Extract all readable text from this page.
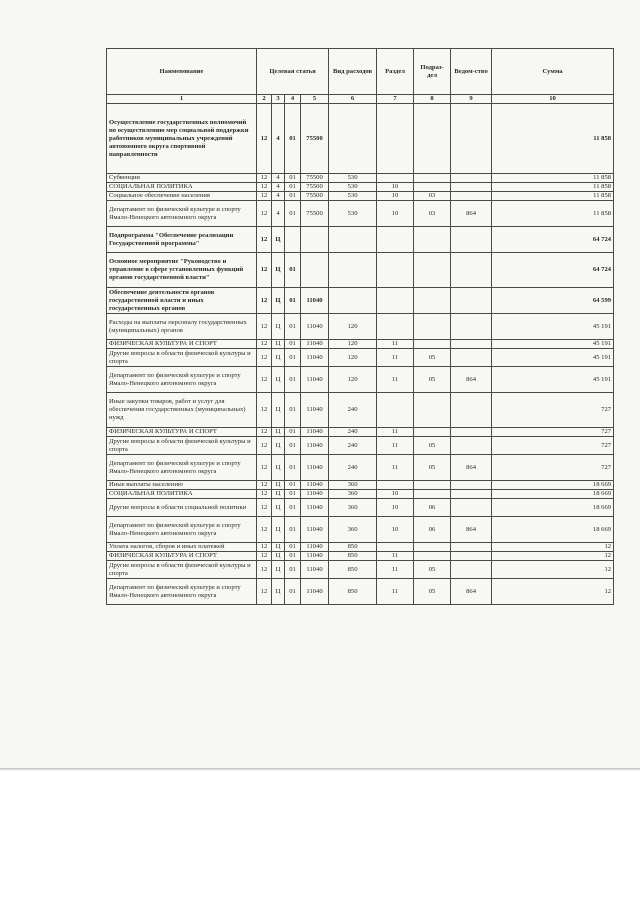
Наименование	Целевая статья				Вид расходов	Раздел	Подраз-дел	Ведом-ство	Сумма
1	2	3	4	5	6	7	8	9	10
Осуществление государственных полномочий по осуществлению мер социальной поддержки работников муниципальных учреждений автономного округа спортивной направленности	12	4	01	75500					11 858
Субвенции	12	4	01	75500	530				11 858
СОЦИАЛЬНАЯ ПОЛИТИКА	12	4	01	75500	530	10			11 858
Социальное обеспечение населения	12	4	01	75500	530	10	03		11 858
Департамент по физической культуре и спорту Ямало-Ненецкого автономного округа	12	4	01	75500	530	10	03	864	11 858
Подпрограмма "Обеспечение реализации Государственной программы"	12	Ц							64 724
Основное мероприятие "Руководство и управление в сфере установленных функций органов государственной власти"	12	Ц	01						64 724
Обеспечение деятельности органов государственной власти и иных государственных органов	12	Ц	01	11040					64 599
Расходы на выплаты персоналу государственных (муниципальных) органов	12	Ц	01	11040	120				45 191
ФИЗИЧЕСКАЯ КУЛЬТУРА И СПОРТ	12	Ц	01	11040	120	11			45 191
Другие вопросы в области физической культуры и спорта	12	Ц	01	11040	120	11	05		45 191
Департамент по физической культуре и спорту Ямало-Ненецкого автономного округа	12	Ц	01	11040	120	11	05	864	45 191
Иные закупки товаров, работ и услуг для обеспечения государственных (муниципальных) нужд	12	Ц	01	11040	240				727
ФИЗИЧЕСКАЯ КУЛЬТУРА И СПОРТ	12	Ц	01	11040	240	11			727
Другие вопросы в области физической культуры и спорта	12	Ц	01	11040	240	11	05		727
Департамент по физической культуре и спорту Ямало-Ненецкого автономного округа	12	Ц	01	11040	240	11	05	864	727
Иные выплаты населению	12	Ц	01	11040	360				18 669
СОЦИАЛЬНАЯ ПОЛИТИКА	12	Ц	01	11040	360	10			18 669
Другие вопросы в области социальной политики	12	Ц	01	11040	360	10	06		18 669
Департамент по физической культуре и спорту Ямало-Ненецкого автономного округа	12	Ц	01	11040	360	10	06	864	18 669
Уплата налогов, сборов и иных платежей	12	Ц	01	11040	850				12
ФИЗИЧЕСКАЯ КУЛЬТУРА И СПОРТ	12	Ц	01	11040	850	11			12
Другие вопросы в области физической культуры и спорта	12	Ц	01	11040	850	11	05		12
Департамент по физической культуре и спорту Ямало-Ненецкого автономного округа	12	Ц	01	11040	850	11	05	864	12
